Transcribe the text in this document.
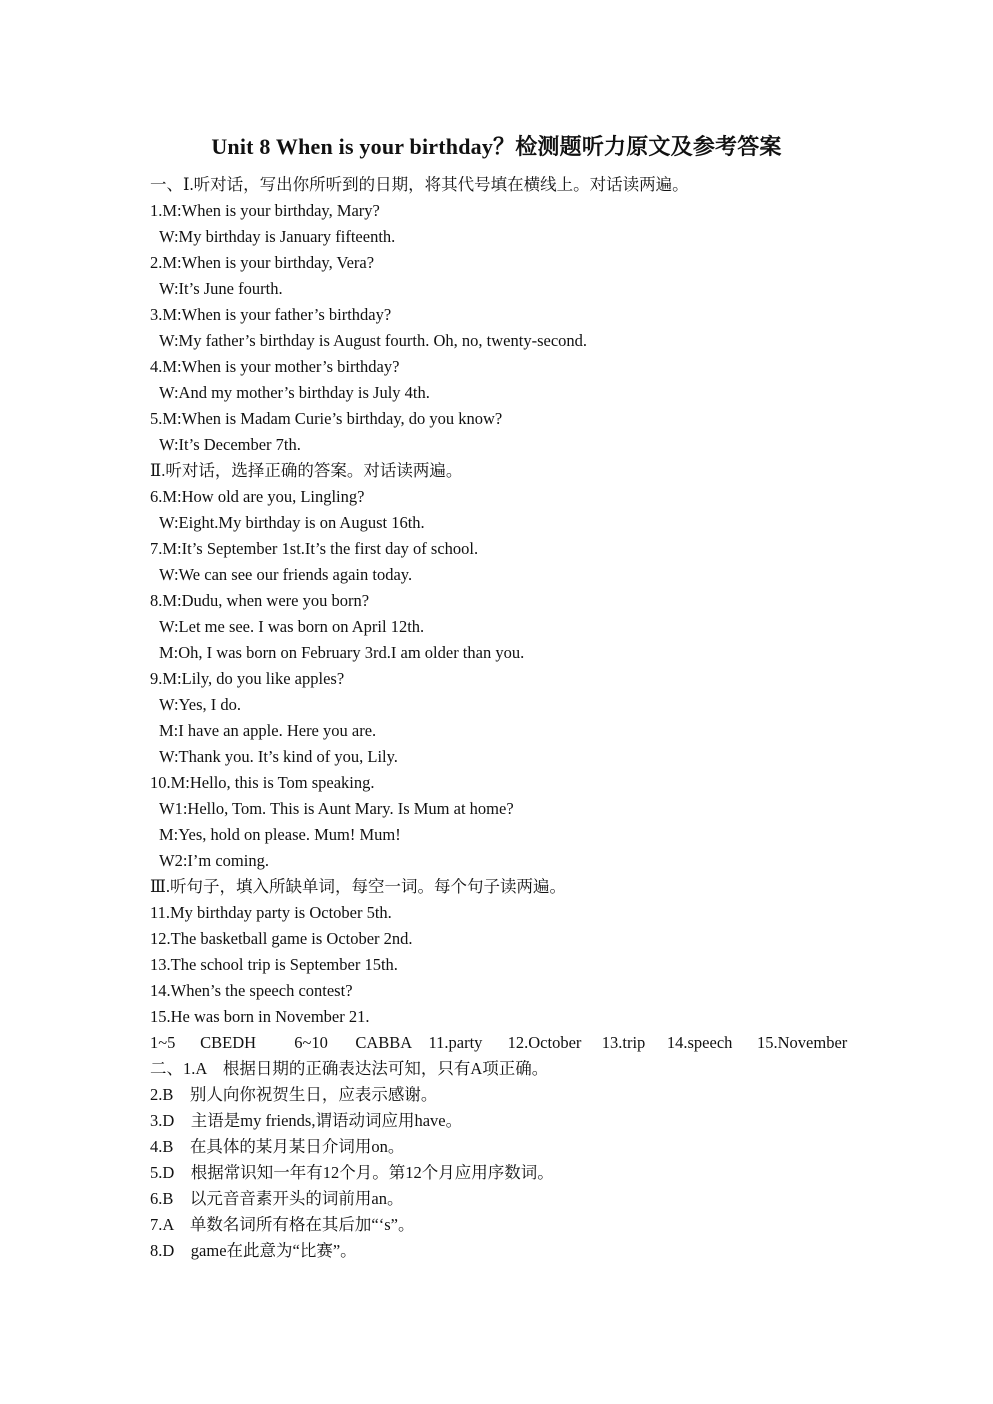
Unit 8 When is your birthday？检测题听力原文及参考答案
一、Ⅰ.听对话，写出你所听到的日期，将其代号填在横线上。对话读两遍。
1.M:When is your birthday, Mary?
W:My birthday is January fifteenth.
2.M:When is your birthday, Vera?
W:It’s June fourth.
3.M:When is your father’s birthday?
W:My father’s birthday is August fourth. Oh, no, twenty-second.
4.M:When is your mother’s birthday?
W:And my mother’s birthday is July 4th.
5.M:When is Madam Curie’s birthday, do you know?
W:It’s December 7th.
Ⅱ.听对话，选择正确的答案。对话读两遍。
6.M:How old are you, Lingling?
W:Eight.My birthday is on August 16th.
7.M:It’s September 1st.It’s the first day of school.
W:We can see our friends again today.
8.M:Dudu, when were you born?
W:Let me see. I was born on April 12th.
M:Oh, I was born on February 3rd.I am older than you.
9.M:Lily, do you like apples?
W:Yes, I do.
M:I have an apple. Here you are.
W:Thank you. It’s kind of you, Lily.
10.M:Hello, this is Tom speaking.
W1:Hello, Tom. This is Aunt Mary. Is Mum at home?
M:Yes, hold on please. Mum! Mum!
W2:I’m coming.
Ⅲ.听句子，填入所缺单词，每空一词。每个句子读两遍。
11.My birthday party is October 5th.
12.The basketball game is October 2nd.
13.The school trip is September 15th.
14.When’s the speech contest?
15.He was born in November 21.
1~5 CBEDH 6~10 CABBA 11.party 12.October 13.trip 14.speech 15.November
二、1.A　根据日期的正确表达法可知，只有A项正确。
2.B　别人向你祝贺生日，应表示感谢。
3.D　主语是my friends,谓语动词应用have。
4.B　在具体的某月某日介词用on。
5.D　根据常识知一年有12个月。第12个月应用序数词。
6.B　以元音音素开头的词前用an。
7.A　单数名词所有格在其后加“‘s”。
8.D　game在此意为“比赛”。
